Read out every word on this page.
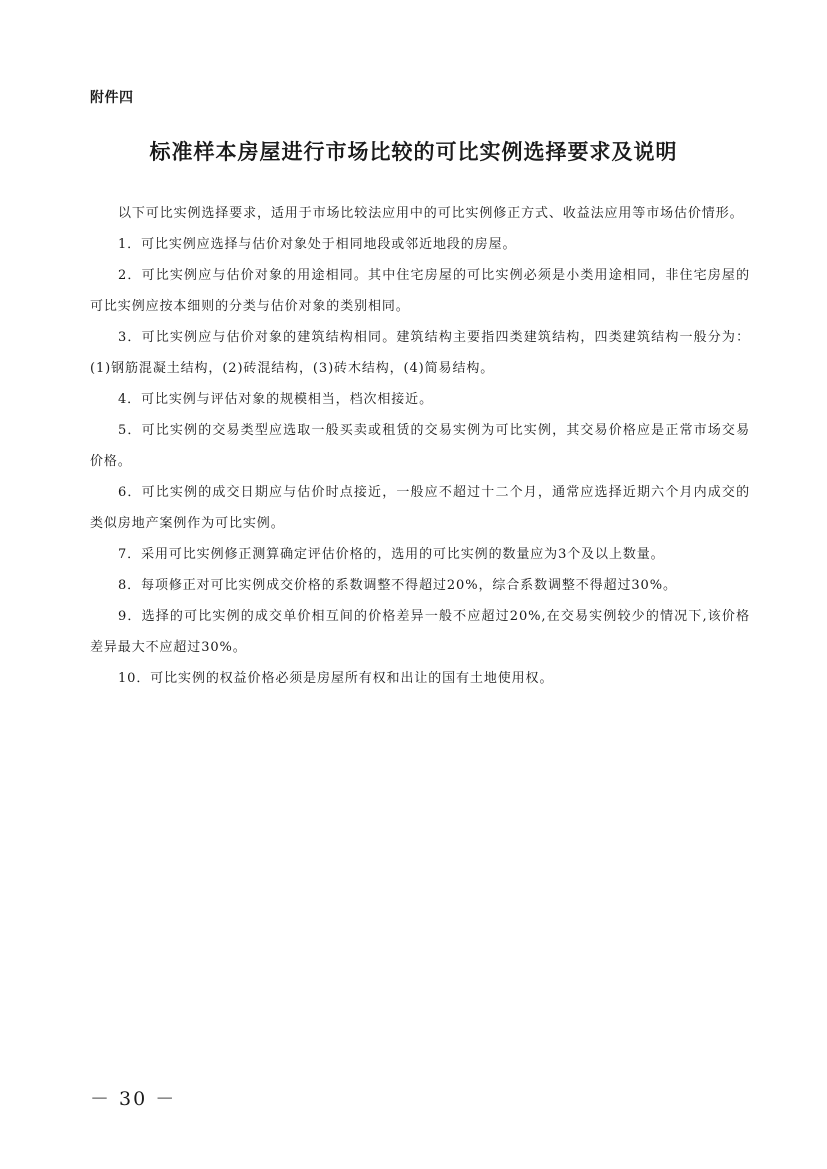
附件四
标准样本房屋进行市场比较的可比实例选择要求及说明

以下可比实例选择要求，适用于市场比较法应用中的可比实例修正方式、收益法应用等市场估价情形。

1．可比实例应选择与估价对象处于相同地段或邻近地段的房屋。

2．可比实例应与估价对象的用途相同。其中住宅房屋的可比实例必须是小类用途相同，非住宅房屋的可比实例应按本细则的分类与估价对象的类别相同。

3．可比实例应与估价对象的建筑结构相同。建筑结构主要指四类建筑结构，四类建筑结构一般分为：(1)钢筋混凝土结构，(2)砖混结构，(3)砖木结构，(4)简易结构。

4．可比实例与评估对象的规模相当，档次相接近。

5．可比实例的交易类型应选取一般买卖或租赁的交易实例为可比实例，其交易价格应是正常市场交易价格。

6．可比实例的成交日期应与估价时点接近，一般应不超过十二个月，通常应选择近期六个月内成交的类似房地产案例作为可比实例。

7．采用可比实例修正测算确定评估价格的，选用的可比实例的数量应为3个及以上数量。

8．每项修正对可比实例成交价格的系数调整不得超过20%，综合系数调整不得超过30%。

9．选择的可比实例的成交单价相互间的价格差异一般不应超过20%,在交易实例较少的情况下,该价格差异最大不应超过30%。

10．可比实例的权益价格必须是房屋所有权和出让的国有土地使用权。

－ 30 －
